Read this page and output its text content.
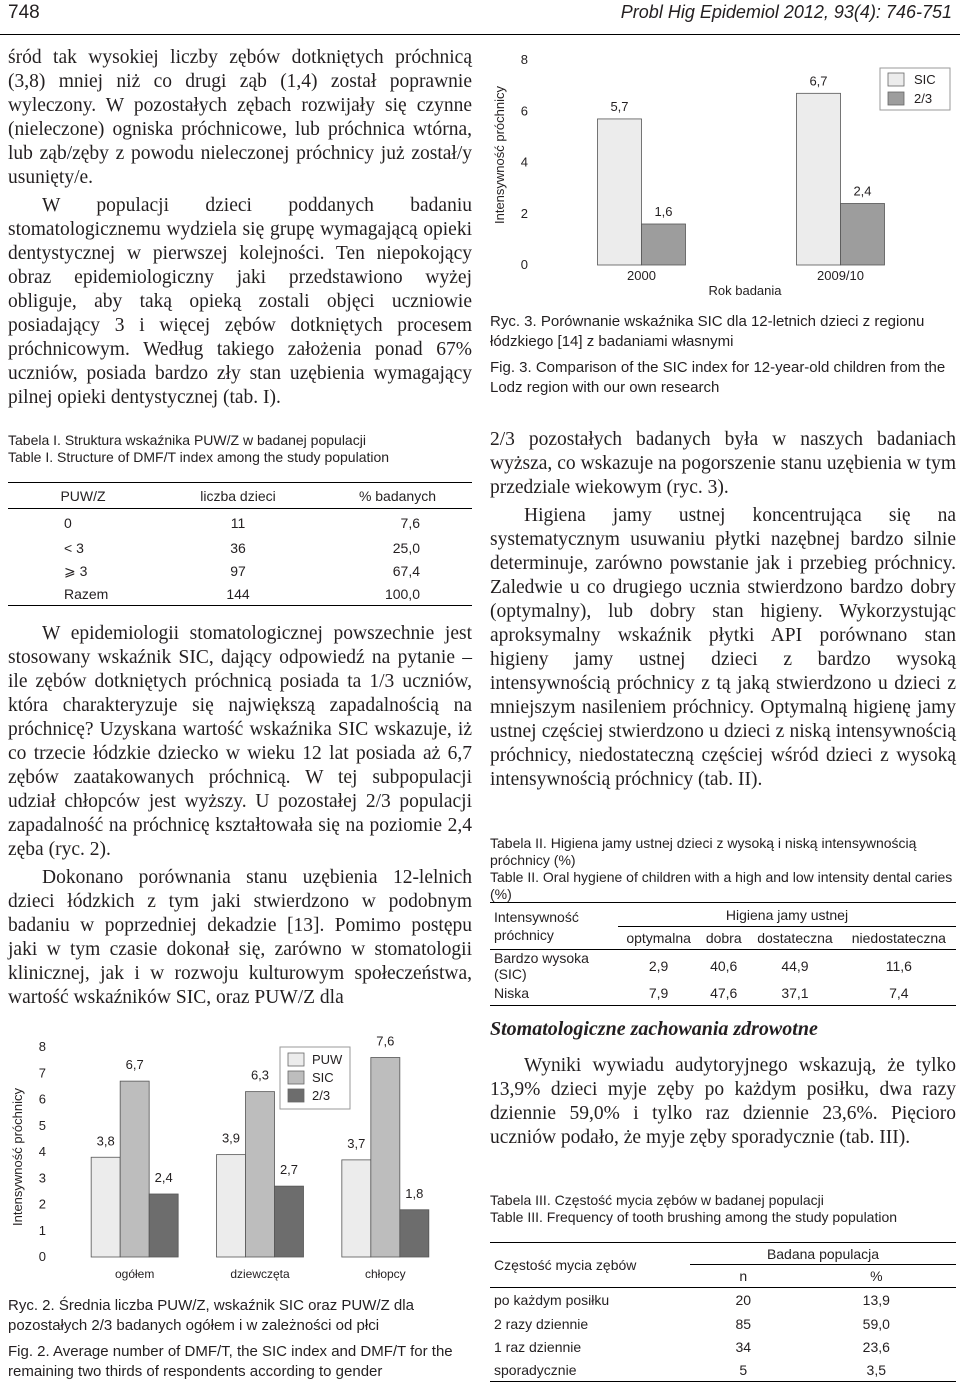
748	Probl Hig Epidemiol 2012, 93(4): 746-751

śród tak wysokiej liczby zębów dotkniętych próchnicą (3,8) mniej niż co drugi ząb (1,4) został poprawnie wyleczony. W pozostałych zębach rozwijały się czynne (nieleczone) ogniska próchnicowe, lub próchnica wtórna, lub ząb/zęby z powodu nieleczonej próchnicy już został/y usunięty/e.

W populacji dzieci poddanych badaniu stomatologicznemu wydziela się grupę wymagającą opieki dentystycznej w pierwszej kolejności. Ten niepokojący obraz epidemiologiczny jaki przedstawiono wyżej obliguje, aby taką opieką zostali objęci uczniowie posiadający 3 i więcej zębów dotkniętych procesem próchnicowym. Według takiego założenia ponad 67% uczniów, posiada bardzo zły stan uzębienia wymagający pilnej opieki dentystycznej (tab. I).

Tabela I. Struktura wskaźnika PUW/Z w badanej populacji
Table I. Structure of DMF/T index among the study population
PUW/Z	liczba dzieci	% badanych
0	11	7,6
< 3	36	25,0
⩾ 3	97	67,4
Razem	144	100,0

W epidemiologii stomatologicznej powszechnie jest stosowany wskaźnik SIC, dający odpowiedź na pytanie – ile zębów dotkniętych próchnicą posiada ta 1/3 uczniów, która charakteryzuje się największą zapadalnością na próchnicę? Uzyskana wartość wskaźnika SIC wskazuje, iż co trzecie łódzkie dziecko w wieku 12 lat posiada aż 6,7 zębów zaatakowanych próchnicą. W tej subpopulacji udział chłopców jest wyższy. U pozostałej 2/3 populacji zapadalność na próchnicę kształtowała się na poziomie 2,4 zęba (ryc. 2).

Dokonano porównania stanu uzębienia 12-lelnich dzieci łódzkich z tym jaki stwierdzono w podobnym badaniu w poprzedniej dekadzie [13]. Pomimo postępu jaki w tym czasie dokonał się, zarówno w stomatologii klinicznej, jak i w rozwoju kulturowym społeczeństwa, wartość wskaźników SIC, oraz PUW/Z dla

Intensywność próchnicy
0
2
4
6
8
5,7
1,6
6,7
2,4
2000	2009/10
Rok badania
SIC
2/3
Ryc. 3. Porównanie wskaźnika SIC dla 12-letnich dzieci z regionu łódzkiego [14] z badaniami własnymi
Fig. 3. Comparison of the SIC index for 12-year-old children from the Lodz region with our own research

2/3 pozostałych badanych była w naszych badaniach wyższa, co wskazuje na pogorszenie stanu uzębienia w tym przedziale wiekowym (ryc. 3).

Higiena jamy ustnej koncentrująca się na systematycznym usuwaniu płytki nazębnej bardzo silnie determinuje, zarówno powstanie jak i przebieg próchnicy. Zaledwie u co drugiego ucznia stwierdzono bardzo dobry (optymalny), lub dobry stan higieny. Wykorzystując aproksymalny wskaźnik płytki API porównano stan higieny jamy ustnej dzieci z bardzo wysoką intensywnością próchnicy z tą jaką stwierdzono u dzieci z mniejszym nasileniem próchnicy. Optymalną higienę jamy ustnej częściej stwierdzono u dzieci z niską intensywnością próchnicy, niedostateczną częściej wśród dzieci z wysoką intensywnością próchnicy (tab. II).

Tabela II. Higiena jamy ustnej dzieci z wysoką i niską intensywnością próchnicy (%)
Table II. Oral hygiene of children with a high and low intensity dental caries (%)
Intensywność próchnicy	Higiena jamy ustnej			
	optymalna	dobra	dostateczna	niedostateczna
Bardzo wysoka (SIC)	2,9	40,6	44,9	11,6
Niska	7,9	47,6	37,1	7,4
Stomatologiczne zachowania zdrowotne

Wyniki wywiadu audytoryjnego wskazują, że tylko 13,9% dzieci myje zęby po każdym posiłku, dwa razy dziennie 59,0% i tylko raz dziennie 23,6%. Pięcioro uczniów podało, że myje zęby sporadycznie (tab. III).

Tabela III. Częstość mycia zębów w badanej populacji
Table III. Frequency of tooth brushing among the study population
Częstość mycia zębów	Badana populacja	
	n	%
po każdym posiłku	20	13,9
2 razy dziennie	85	59,0
1 raz dziennie	34	23,6
sporadycznie	5	3,5
Intensywność próchnicy
0
1
2
3
4
5
6
7
8
3,8
6,7
2,4
3,9
6,3
2,7
3,7
7,6
1,8
ogółem	dziewczęta	chłopcy
PUW
SIC
2/3
Ryc. 2. Średnia liczba PUW/Z, wskaźnik SIC oraz PUW/Z dla pozostałych 2/3 badanych ogółem i w zależności od płci
Fig. 2. Average number of DMF/T, the SIC index and DMF/T for the remaining two thirds of respondents according to gender
